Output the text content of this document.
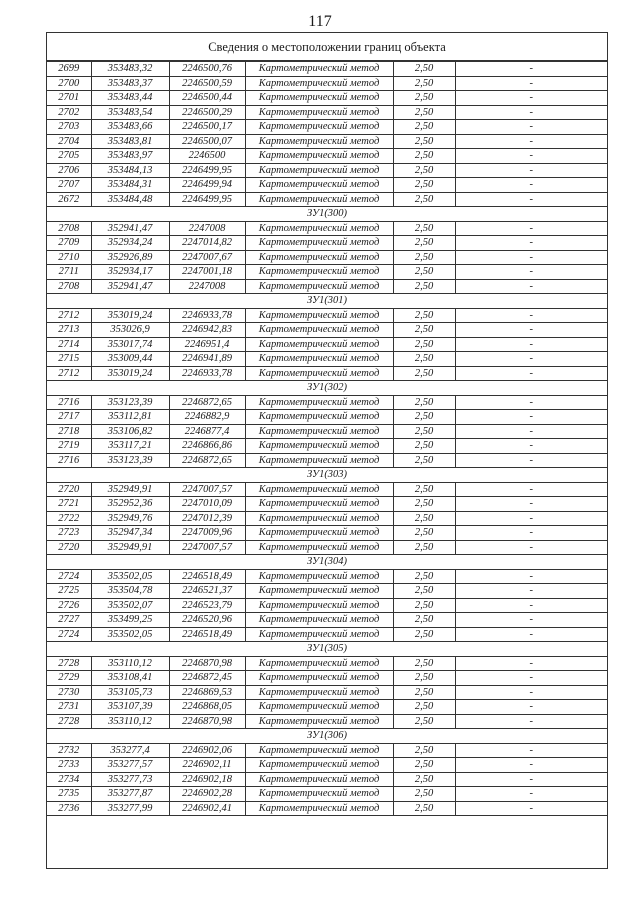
117
Сведения о местоположении границ объекта
2699	353483,32	2246500,76	Картометрический метод	2,50	-
2700	353483,37	2246500,59	Картометрический метод	2,50	-
2701	353483,44	2246500,44	Картометрический метод	2,50	-
2702	353483,54	2246500,29	Картометрический метод	2,50	-
2703	353483,66	2246500,17	Картометрический метод	2,50	-
2704	353483,81	2246500,07	Картометрический метод	2,50	-
2705	353483,97	2246500	Картометрический метод	2,50	-
2706	353484,13	2246499,95	Картометрический метод	2,50	-
2707	353484,31	2246499,94	Картометрический метод	2,50	-
2672	353484,48	2246499,95	Картометрический метод	2,50	-
ЗУ1(300)					
2708	352941,47	2247008	Картометрический метод	2,50	-
2709	352934,24	2247014,82	Картометрический метод	2,50	-
2710	352926,89	2247007,67	Картометрический метод	2,50	-
2711	352934,17	2247001,18	Картометрический метод	2,50	-
2708	352941,47	2247008	Картометрический метод	2,50	-
ЗУ1(301)					
2712	353019,24	2246933,78	Картометрический метод	2,50	-
2713	353026,9	2246942,83	Картометрический метод	2,50	-
2714	353017,74	2246951,4	Картометрический метод	2,50	-
2715	353009,44	2246941,89	Картометрический метод	2,50	-
2712	353019,24	2246933,78	Картометрический метод	2,50	-
ЗУ1(302)					
2716	353123,39	2246872,65	Картометрический метод	2,50	-
2717	353112,81	2246882,9	Картометрический метод	2,50	-
2718	353106,82	2246877,4	Картометрический метод	2,50	-
2719	353117,21	2246866,86	Картометрический метод	2,50	-
2716	353123,39	2246872,65	Картометрический метод	2,50	-
ЗУ1(303)					
2720	352949,91	2247007,57	Картометрический метод	2,50	-
2721	352952,36	2247010,09	Картометрический метод	2,50	-
2722	352949,76	2247012,39	Картометрический метод	2,50	-
2723	352947,34	2247009,96	Картометрический метод	2,50	-
2720	352949,91	2247007,57	Картометрический метод	2,50	-
ЗУ1(304)					
2724	353502,05	2246518,49	Картометрический метод	2,50	-
2725	353504,78	2246521,37	Картометрический метод	2,50	-
2726	353502,07	2246523,79	Картометрический метод	2,50	-
2727	353499,25	2246520,96	Картометрический метод	2,50	-
2724	353502,05	2246518,49	Картометрический метод	2,50	-
ЗУ1(305)					
2728	353110,12	2246870,98	Картометрический метод	2,50	-
2729	353108,41	2246872,45	Картометрический метод	2,50	-
2730	353105,73	2246869,53	Картометрический метод	2,50	-
2731	353107,39	2246868,05	Картометрический метод	2,50	-
2728	353110,12	2246870,98	Картометрический метод	2,50	-
ЗУ1(306)					
2732	353277,4	2246902,06	Картометрический метод	2,50	-
2733	353277,57	2246902,11	Картометрический метод	2,50	-
2734	353277,73	2246902,18	Картометрический метод	2,50	-
2735	353277,87	2246902,28	Картометрический метод	2,50	-
2736	353277,99	2246902,41	Картометрический метод	2,50	-
